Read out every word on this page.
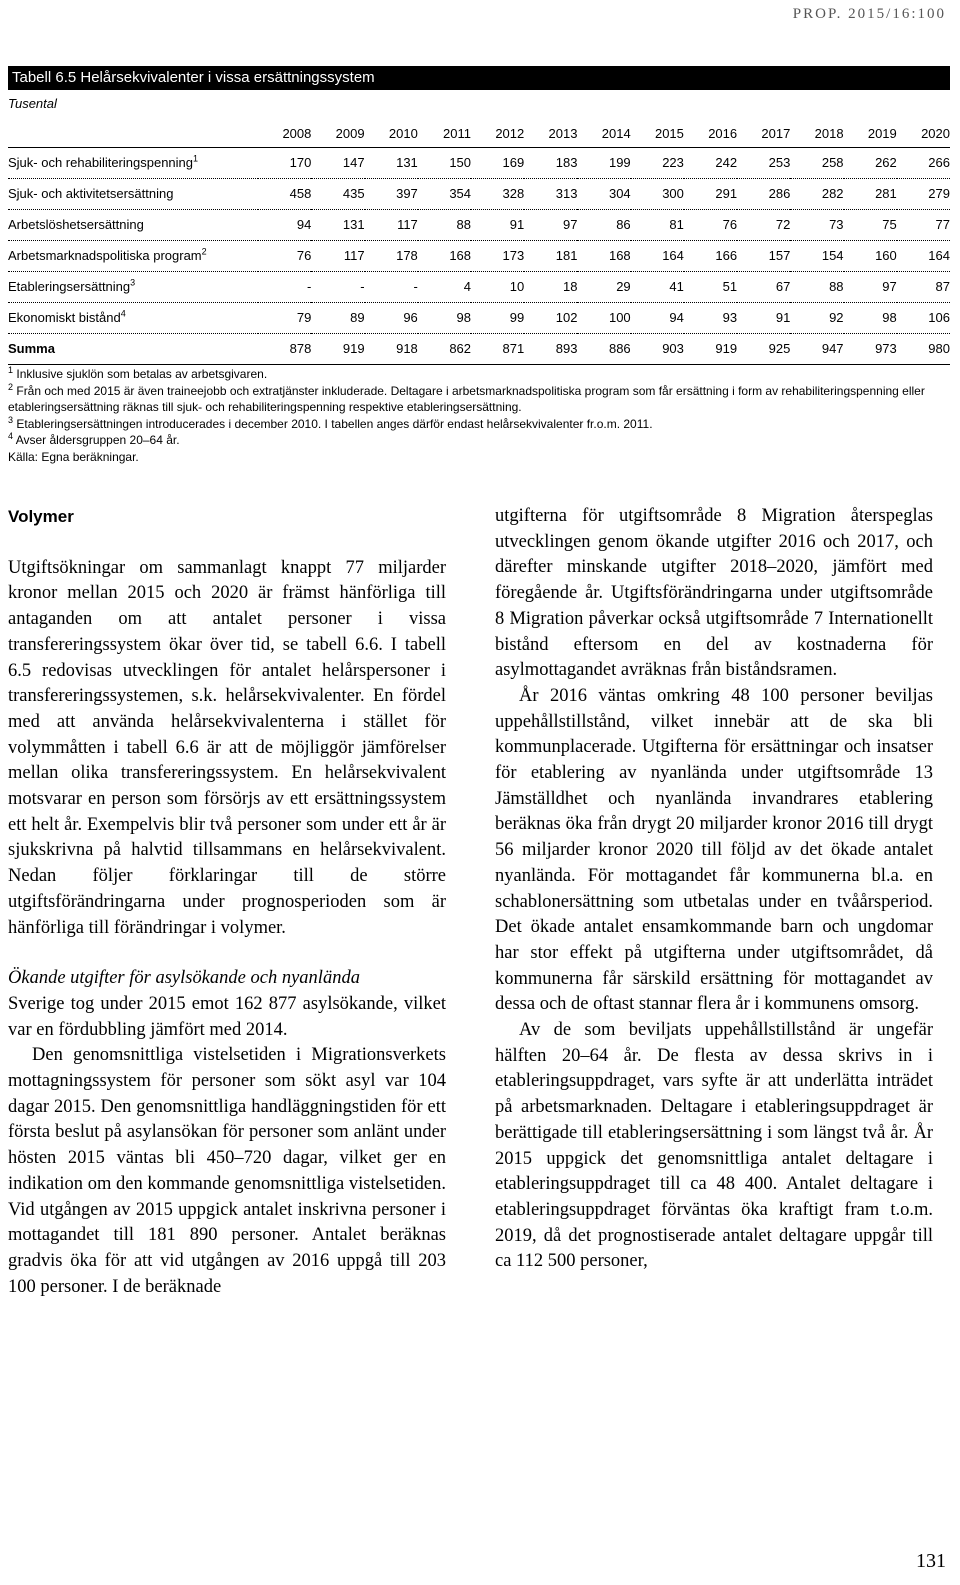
PROP. 2015/16:100
Tabell 6.5 Helårsekvivalenter i vissa ersättningssystem
Tusental
	2008	2009	2010	2011	2012	2013	2014	2015	2016	2017	2018	2019	2020
Sjuk- och rehabiliteringspenning$^1$	170	147	131	150	169	183	199	223	242	253	258	262	266
Sjuk- och aktivitetsersättning	458	435	397	354	328	313	304	300	291	286	282	281	279
Arbetslöshetsersättning	94	131	117	88	91	97	86	81	76	72	73	75	77
Arbetsmarknadspolitiska program$^2$	76	117	178	168	173	181	168	164	166	157	154	160	164
Etableringsersättning$^3$	-	-	-	4	10	18	29	41	51	67	88	97	87
Ekonomiskt bistånd$^4$	79	89	96	98	99	102	100	94	93	91	92	98	106
Summa	878	919	918	862	871	893	886	903	919	925	947	973	980
$^1$ Inklusive sjuklön som betalas av arbetsgivaren.
$^2$ Från och med 2015 är även traineejobb och extratjänster inkluderade. Deltagare i arbetsmarknadspolitiska program som får ersättning i form av rehabiliteringspenning eller etableringsersättning räknas till sjuk- och rehabiliteringspenning respektive etableringsersättning.
$^3$ Etableringsersättningen introducerades i december 2010. I tabellen anges därför endast helårsekvivalenter fr.o.m. 2011.
$^4$ Avser åldersgruppen 20–64 år.
Källa: Egna beräkningar.
Volymer

Utgiftsökningar om sammanlagt knappt 77 miljarder kronor mellan 2015 och 2020 är främst hänförliga till antaganden om att antalet personer i vissa transfereringssystem ökar över tid, se tabell 6.6. I tabell 6.5 redovisas utvecklingen för antalet helårspersoner i transfereringssystemen, s.k. helårsekvivalenter. En fördel med att använda helårsekvivalenterna i stället för volymmåtten i tabell 6.6 är att de möjliggör jämförelser mellan olika transfereringssystem. En helårsekvivalent motsvarar en person som försörjs av ett ersättningssystem ett helt år. Exempelvis blir två personer som under ett år är sjukskrivna på halvtid tillsammans en helårsekvivalent. Nedan följer förklaringar till de större utgiftsförändringarna under prognosperioden som är hänförliga till förändringar i volymer.

Ökande utgifter för asylsökande och nyanlända

Sverige tog under 2015 emot 162 877 asylsökande, vilket var en fördubbling jämfört med 2014.

Den genomsnittliga vistelsetiden i Migrationsverkets mottagningssystem för personer som sökt asyl var 104 dagar 2015. Den genomsnittliga handläggningstiden för ett första beslut på asylansökan för personer som anlänt under hösten 2015 väntas bli 450–720 dagar, vilket ger en indikation om den kommande genomsnittliga vistelsetiden. Vid utgången av 2015 uppgick antalet inskrivna personer i mottagandet till 181 890 personer. Antalet beräknas gradvis öka för att vid utgången av 2016 uppgå till 203 100 personer. I de beräknade

utgifterna för utgiftsområde 8 Migration återspeglas utvecklingen genom ökande utgifter 2016 och 2017, och därefter minskande utgifter 2018–2020, jämfört med föregående år. Utgiftsförändringarna under utgiftsområde 8 Migration påverkar också utgiftsområde 7 Internationellt bistånd eftersom en del av kostnaderna för asylmottagandet avräknas från biståndsramen.

År 2016 väntas omkring 48 100 personer beviljas uppehållstillstånd, vilket innebär att de ska bli kommunplacerade. Utgifterna för ersättningar och insatser för etablering av nyanlända under utgiftsområde 13 Jämställdhet och nyanlända invandrares etablering beräknas öka från drygt 20 miljarder kronor 2016 till drygt 56 miljarder kronor 2020 till följd av det ökade antalet nyanlända. För mottagandet får kommunerna bl.a. en schablonersättning som utbetalas under en tvåårsperiod. Det ökade antalet ensamkommande barn och ungdomar har stor effekt på utgifterna under utgiftsområdet, då kommunerna får särskild ersättning för mottagandet av dessa och de oftast stannar flera år i kommunens omsorg.

Av de som beviljats uppehållstillstånd är ungefär hälften 20–64 år. De flesta av dessa skrivs in i etableringsuppdraget, vars syfte är att underlätta inträdet på arbetsmarknaden. Deltagare i etableringsuppdraget är berättigade till etableringsersättning i som längst två år. År 2015 uppgick det genomsnittliga antalet deltagare i etableringsuppdraget till ca 48 400. Antalet deltagare i etableringsuppdraget förväntas öka kraftigt fram t.o.m. 2019, då det prognostiserade antalet deltagare uppgår till ca 112 500 personer,

131
